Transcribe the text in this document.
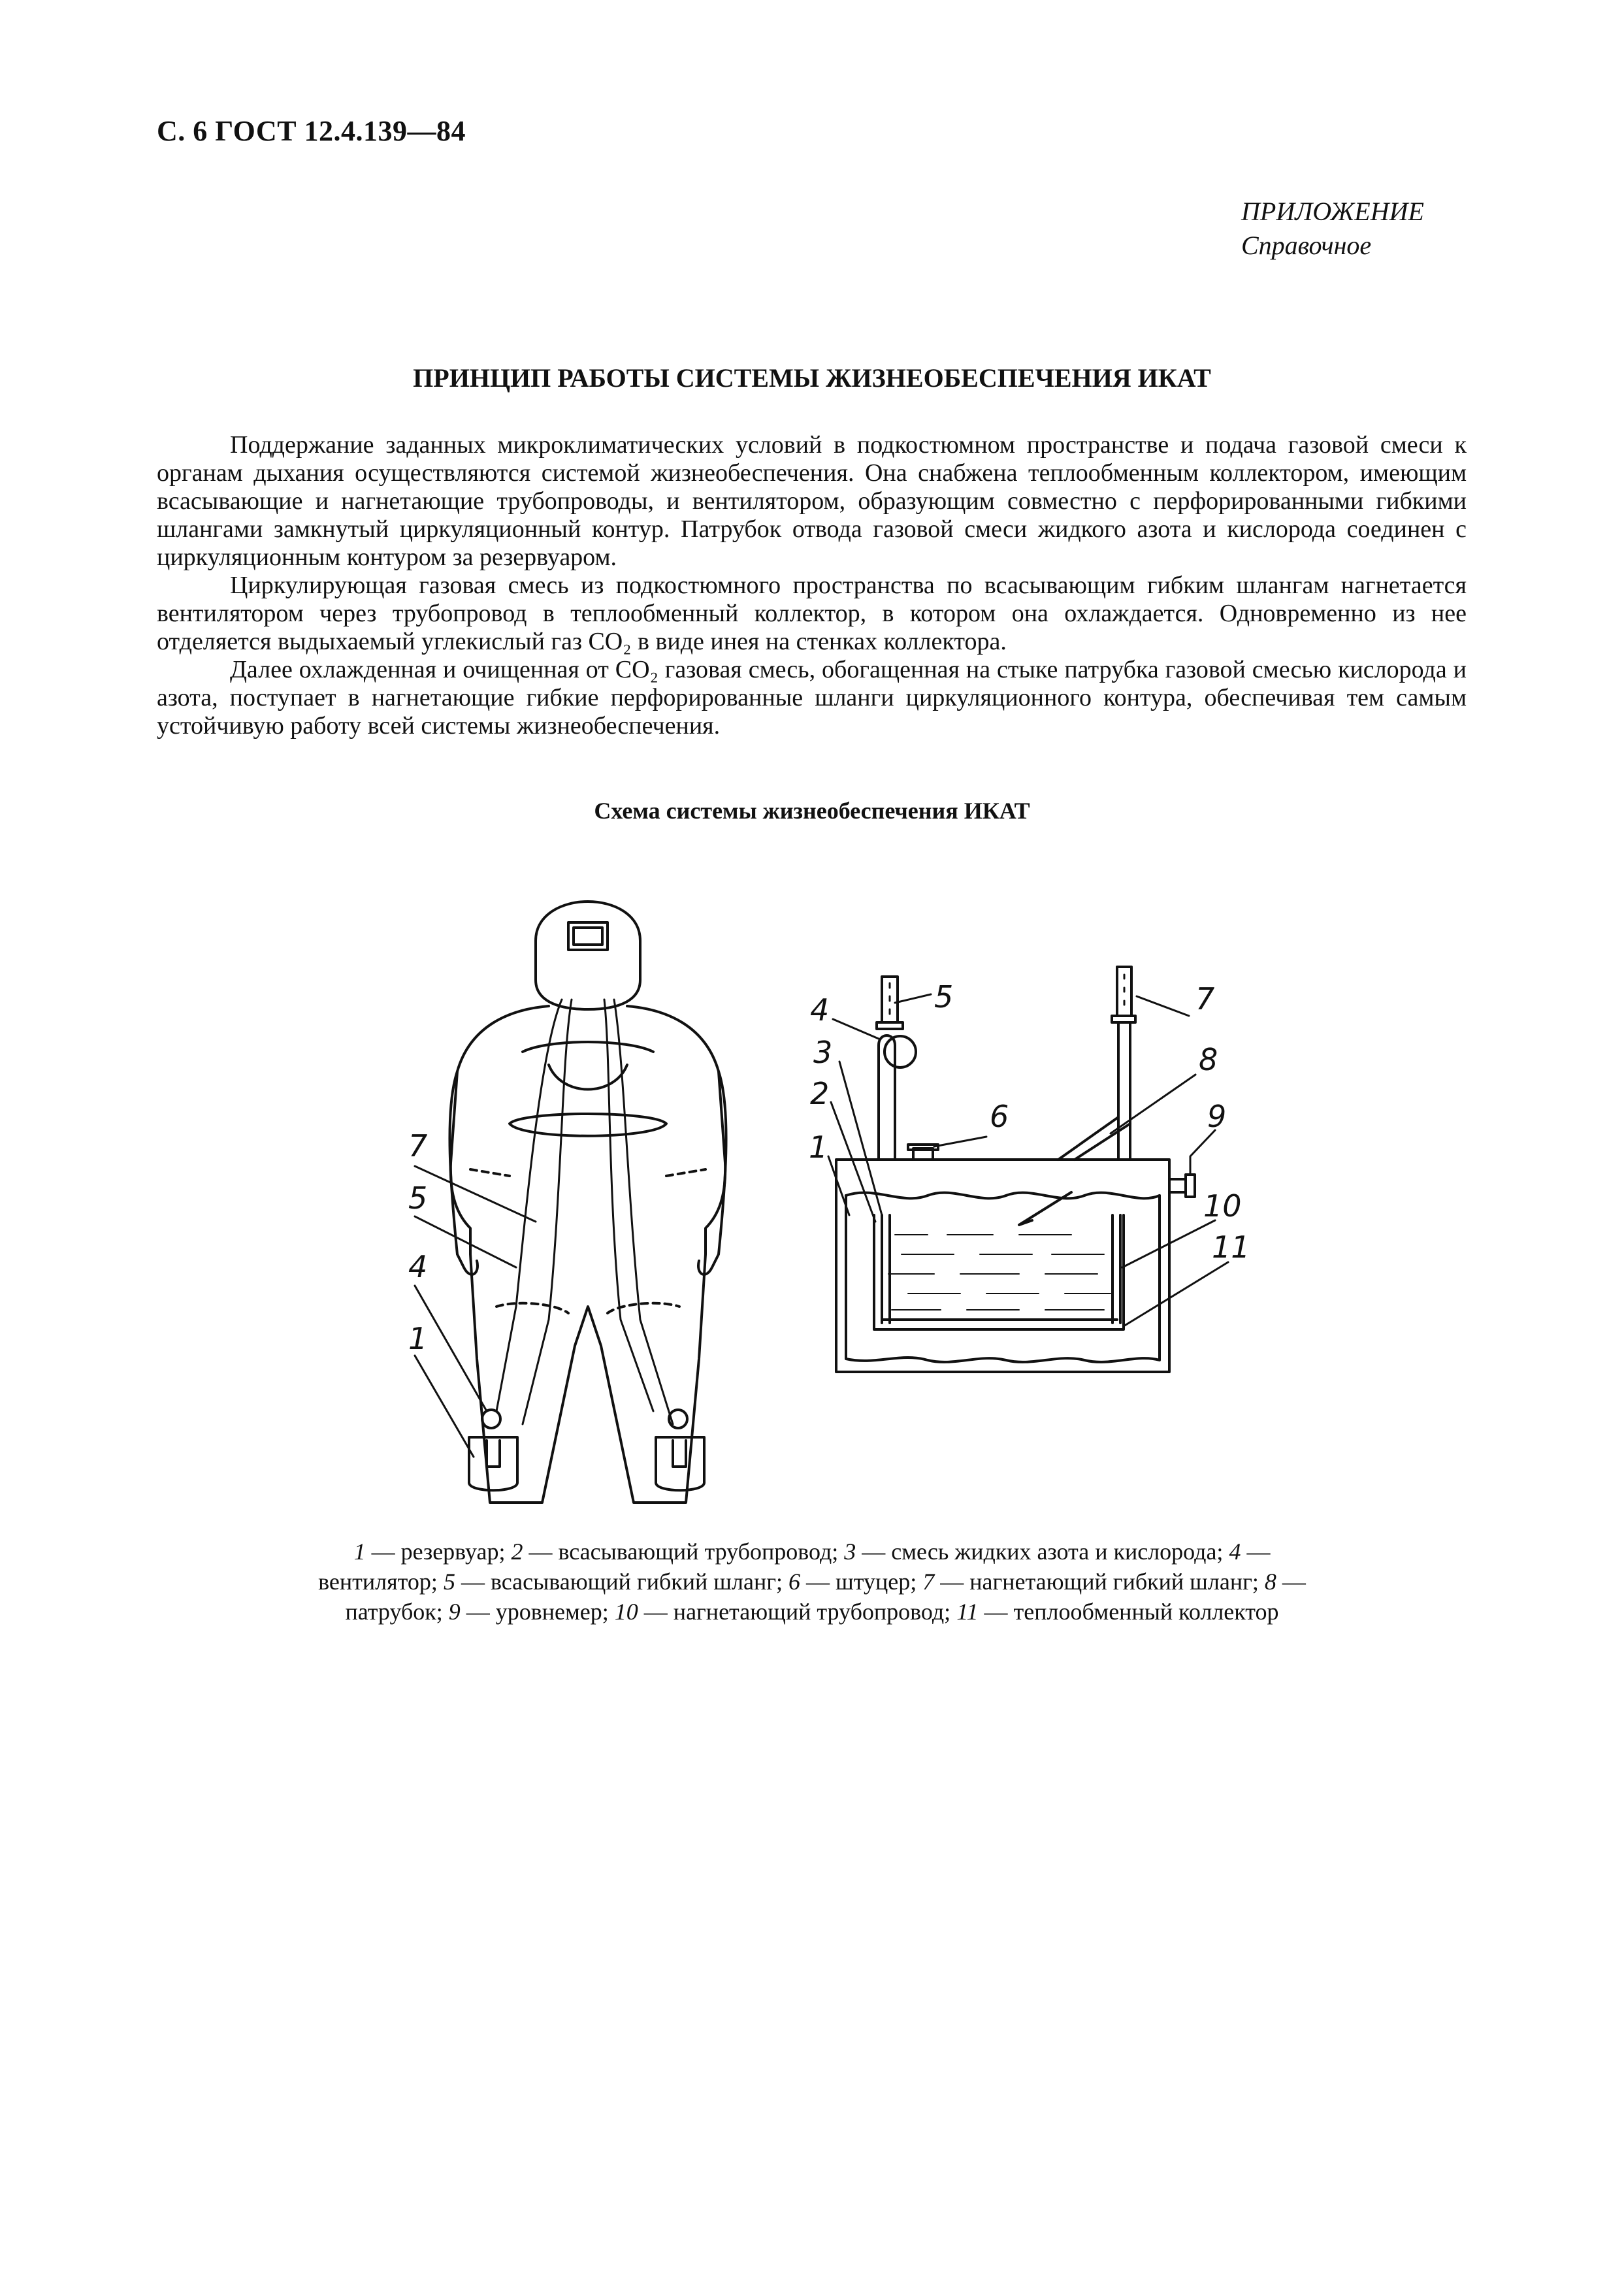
С. 6 ГОСТ 12.4.139—84
ПРИЛОЖЕНИЕ
Справочное
ПРИНЦИП РАБОТЫ СИСТЕМЫ ЖИЗНЕОБЕСПЕЧЕНИЯ ИКАТ

Поддержание заданных микроклиматических условий в подкостюмном пространстве и подача газовой смеси к органам дыхания осуществляются системой жизнеобеспечения. Она снабжена теплообменным коллектором, имеющим всасывающие и нагнетающие трубопроводы, и вентилятором, образующим совместно с перфорированными гибкими шлангами замкнутый циркуляционный контур. Патрубок отвода газовой смеси жидкого азота и кислорода соединен с циркуляционным контуром за резервуаром.

Циркулирующая газовая смесь из подкостюмного пространства по всасывающим гибким шлангам нагнетается вентилятором через трубопровод в теплообменный коллектор, в котором она охлаждается. Одновременно из нее отделяется выдыхаемый углекислый газ CO₂ в виде инея на стенках коллектора.

Далее охлажденная и очищенная от CO₂ газовая смесь, обогащенная на стыке патрубка газовой смесью кислорода и азота, поступает в нагнетающие гибкие перфорированные шланги циркуляционного контура, обеспечивая тем самым устойчивую работу всей системы жизнеобеспечения.

Схема системы жизнеобеспечения ИКАТ
7
5
4
1
4	5
3
2
1
6
7
8
9
10
11
1 — резервуар; 2 — всасывающий трубопровод; 3 — смесь жидких азота и кислорода; 4 — вентилятор; 5 — всасывающий гибкий шланг; 6 — штуцер; 7 — нагнетающий гибкий шланг; 8 — патрубок; 9 — уровнемер; 10 — нагнетающий трубопровод; 11 — теплообменный коллектор
